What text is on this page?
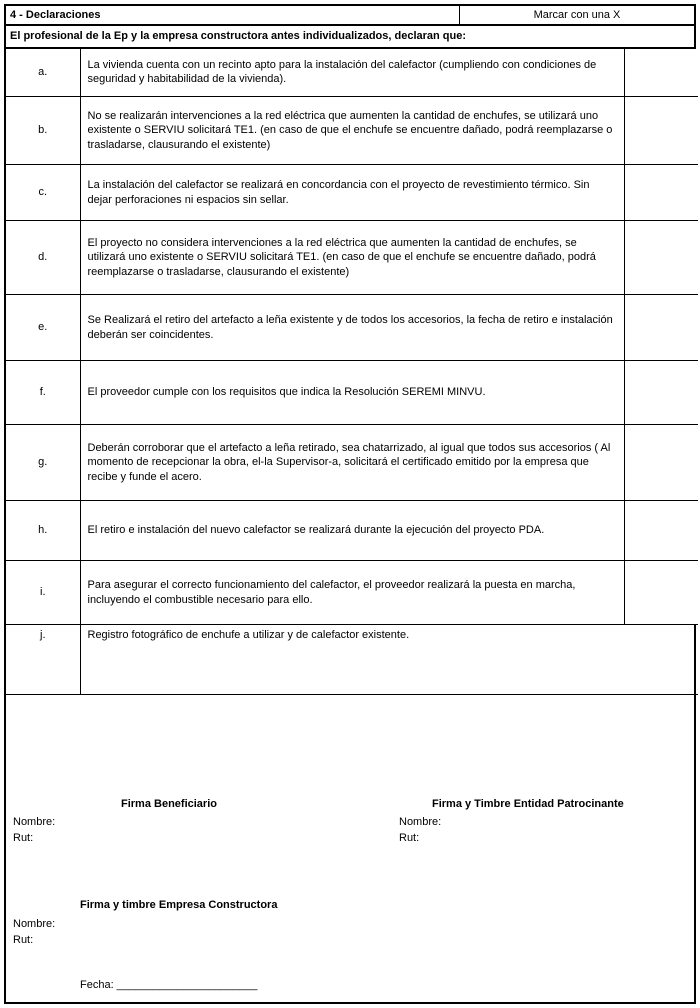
4 - Declaraciones	Marcar con una X
El profesional de la Ep y la empresa constructora antes individualizados, declaran que:
a.	La vivienda cuenta con un recinto apto para la instalación del calefactor (cumpliendo con condiciones de seguridad y habitabilidad de la vivienda).	
b.	No se realizarán intervenciones a la red eléctrica que aumenten la cantidad de enchufes, se utilizará uno existente o SERVIU solicitará TE1. (en caso de que el enchufe se encuentre dañado, podrá reemplazarse o trasladarse, clausurando el existente)	
c.	La instalación del calefactor se realizará en concordancia con el proyecto de revestimiento térmico. Sin dejar perforaciones ni espacios sin sellar.	
d.	El proyecto no considera intervenciones a la red eléctrica que aumenten la cantidad de enchufes, se utilizará uno existente o SERVIU solicitará TE1. (en caso de que el enchufe se encuentre dañado, podrá reemplazarse o trasladarse, clausurando el existente)	
e.	Se Realizará el retiro del artefacto a leña existente y de todos los accesorios, la fecha de retiro e instalación deberán ser coincidentes.	
f.	El proveedor cumple con los requisitos que indica la Resolución SEREMI MINVU.	
g.	Deberán corroborar que el artefacto a leña retirado, sea chatarrizado, al igual que todos sus accesorios ( Al momento de recepcionar la obra, el-la Supervisor-a, solicitará el certificado emitido por la empresa que recibe y funde el acero.	
h.	El retiro e instalación del nuevo calefactor se realizará durante la ejecución del proyecto PDA.	
i.	Para asegurar el correcto funcionamiento del calefactor, el proveedor realizará la puesta en marcha, incluyendo el combustible necesario para ello.	
j.	Registro fotográfico de enchufe a utilizar y de calefactor existente.	
Firma Beneficiario
Nombre:
Rut:
Firma y Timbre Entidad Patrocinante
Nombre:
Rut:
Firma y timbre Empresa Constructora
Nombre:
Rut:
Fecha: _______________________
